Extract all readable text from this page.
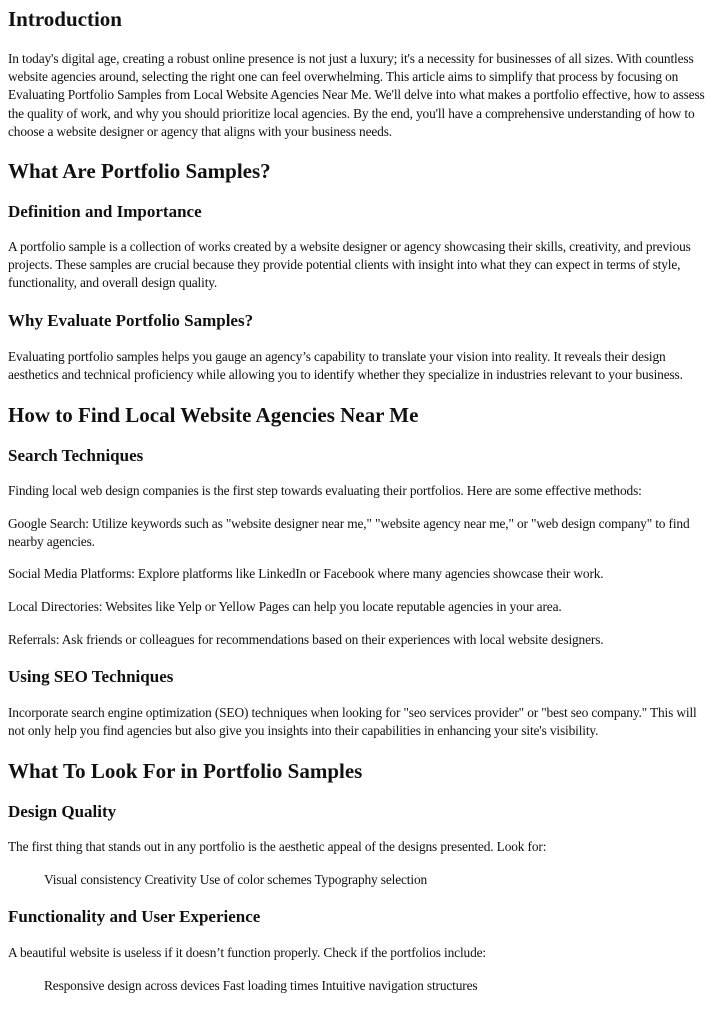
Introduction

In today's digital age, creating a robust online presence is not just a luxury; it's a necessity for businesses of all sizes. With countless website agencies around, selecting the right one can feel overwhelming. This article aims to simplify that process by focusing on Evaluating Portfolio Samples from Local Website Agencies Near Me. We'll delve into what makes a portfolio effective, how to assess the quality of work, and why you should prioritize local agencies. By the end, you'll have a comprehensive understanding of how to choose a website designer or agency that aligns with your business needs.

What Are Portfolio Samples?
Definition and Importance

A portfolio sample is a collection of works created by a website designer or agency showcasing their skills, creativity, and previous projects. These samples are crucial because they provide potential clients with insight into what they can expect in terms of style, functionality, and overall design quality.

Why Evaluate Portfolio Samples?

Evaluating portfolio samples helps you gauge an agency’s capability to translate your vision into reality. It reveals their design aesthetics and technical proficiency while allowing you to identify whether they specialize in industries relevant to your business.

How to Find Local Website Agencies Near Me
Search Techniques

Finding local web design companies is the first step towards evaluating their portfolios. Here are some effective methods:

Google Search: Utilize keywords such as "website designer near me," "website agency near me," or "web design company" to find nearby agencies.

Social Media Platforms: Explore platforms like LinkedIn or Facebook where many agencies showcase their work.

Local Directories: Websites like Yelp or Yellow Pages can help you locate reputable agencies in your area.

Referrals: Ask friends or colleagues for recommendations based on their experiences with local website designers.

Using SEO Techniques

Incorporate search engine optimization (SEO) techniques when looking for "seo services provider" or "best seo company." This will not only help you find agencies but also give you insights into their capabilities in enhancing your site's visibility.

What To Look For in Portfolio Samples
Design Quality

The first thing that stands out in any portfolio is the aesthetic appeal of the designs presented. Look for:

Visual consistency Creativity Use of color schemes Typography selection

Functionality and User Experience

A beautiful website is useless if it doesn’t function properly. Check if the portfolios include:

Responsive design across devices Fast loading times Intuitive navigation structures
